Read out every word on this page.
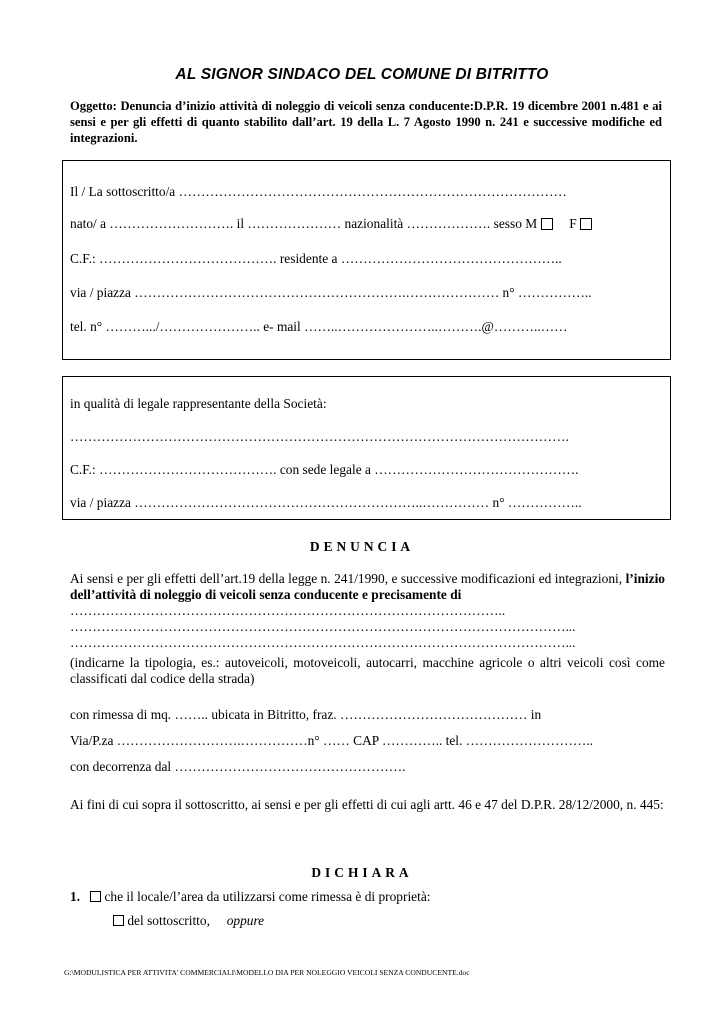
AL SIGNOR SINDACO DEL COMUNE DI BITRITTO
Oggetto: Denuncia d’inizio attività di noleggio di veicoli senza conducente:D.P.R. 19 dicembre 2001 n.481 e ai sensi e per gli effetti di quanto stabilito dall’art. 19 della L. 7 Agosto 1990 n. 241 e successive modifiche ed integrazioni.
Il / La sottoscritto/a ……………………………………………………………………………
nato/ a ………………………. il ………………… nazionalità ………………. sesso M F
C.F.: …………………………………. residente a …………………………………………..
via / piazza …………………………………………………….………………… n° ……………..
tel. n° ……….../………………….. e- mail ……..…………………..……….@………..……
in qualità di legale rappresentante della Società:
………………………………………………………………………………………………….
C.F.: …………………………………. con sede legale a ……………………………………….
via / piazza ………………………………………………………..…………… n° ……………..
DENUNCIA
Ai sensi e per gli effetti dell’art.19 della legge n. 241/1990, e successive modificazioni ed integrazioni, l’inizio dell’attività di noleggio di veicoli senza conducente e precisamente di
……………………………………………………………………………………..
…………………………………………………………………………………………………...
…………………………………………………………………………………………………...
(indicarne la tipologia, es.: autoveicoli, motoveicoli, autocarri, macchine agricole o altri veicoli così come classificati dal codice della strada)
con rimessa di mq. …….. ubicata in Bitritto, fraz. …………………………………… in
Via/P.za ……………………….……………n° …… CAP ………….. tel. ………………………..
con decorrenza dal …………………………………………….
Ai fini di cui sopra il sottoscritto, ai sensi e per gli effetti di cui agli artt. 46 e 47 del D.P.R. 28/12/2000, n. 445:
DICHIARA
1. che il locale/l’area da utilizzarsi come rimessa è di proprietà:
del sottoscritto, oppure
G:\MODULISTICA PER ATTIVITA' COMMERCIALI\MODELLO DIA PER NOLEGGIO VEICOLI SENZA CONDUCENTE.doc
